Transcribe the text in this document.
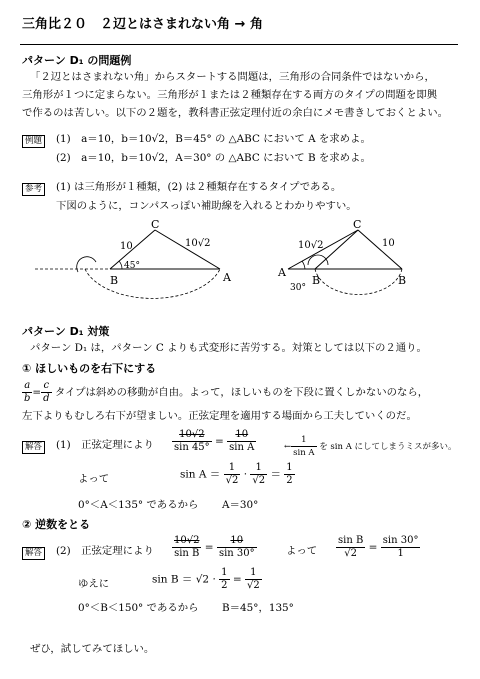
三角比２０　２辺とはさまれない角 → 角
パターン D₁ の問題例
「２辺とはさまれない角」からスタートする問題は，三角形の合同条件ではないから，
三角形が１つに定まらない。三角形が１または２種類存在する両方のタイプの問題を即興
で作るのは苦しい。以下の２題を，教科書正弦定理付近の余白にメモ書きしておくとよい。
例題 (1)　a＝10，b＝10√2，B＝45° の △ABC において A を求めよ。
(2)　a＝10，b＝10√2，A＝30° の △ABC において B を求めよ。
参考 (1) は三角形が１種類，(2) は２種類存在するタイプである。
下図のように，コンパスっぽい補助線を入れるとわかりやすい。
C
A
B
10	10√2
45°
C
A
B	B
10√2	10
30°
パターン D₁ 対策
パターン D₁ は，パターン C よりも式変形に苦労する。対策としては以下の２通り。
① ほしいものを右下にする
$\frac{a}{b} = \frac{c}{d}$ タイプは斜めの移動が自由。よって，ほしいものを下段に置くしかないのなら，
左下よりもむしろ右下が望ましい。正弦定理を適用する場面から工夫していくのだ。
解答 (1)　正弦定理により $\frac{10√2}{\sin 45^\circ} = \frac{10}{\text{sin A}}$	← $\frac{1}{\text{sin A}}$ を sin A にしてしまうミスが多い。
よって	$\sin A = \frac{1}{√2} \cdot \frac{1}{√2} = \frac{1}{2}$
0°＜A＜135° であるから A＝30°
② 逆数をとる
解答 (2)　正弦定理により $\frac{10√2}{\text{sin B}} = \frac{10}{\sin 30^\circ}$	よって $\frac{\text{sin B}}{√2} = \frac{\sin 30^\circ}{1}$
ゆえに	$\sin B = √2 \cdot \frac{1}{2} = \frac{1}{√2}$
0°＜B＜150° であるから B＝45°，135°
ぜひ，試してみてほしい。
